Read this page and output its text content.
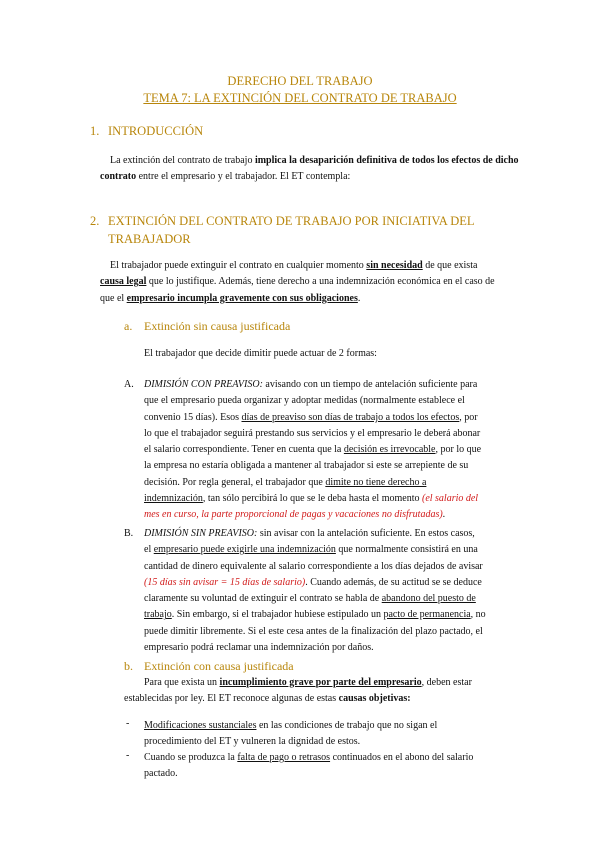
DERECHO DEL TRABAJO
TEMA 7: LA EXTINCIÓN DEL CONTRATO DE TRABAJO
1. INTRODUCCIÓN
La extinción del contrato de trabajo implica la desaparición definitiva de todos los efectos de dicho contrato entre el empresario y el trabajador. El ET contempla:
2. EXTINCIÓN DEL CONTRATO DE TRABAJO POR INICIATIVA DEL
TRABAJADOR
El trabajador puede extinguir el contrato en cualquier momento sin necesidad de que exista
causa legal que lo justifique. Además, tiene derecho a una indemnización económica en el caso de
que el empresario incumpla gravemente con sus obligaciones.
a. Extinción sin causa justificada
El trabajador que decide dimitir puede actuar de 2 formas:
A. DIMISIÓN CON PREAVISO: avisando con un tiempo de antelación suficiente para
que el empresario pueda organizar y adoptar medidas (normalmente establece el
convenio 15 días). Esos días de preaviso son días de trabajo a todos los efectos, por
lo que el trabajador seguirá prestando sus servicios y el empresario le deberá abonar
el salario correspondiente. Tener en cuenta que la decisión es irrevocable, por lo que
la empresa no estaría obligada a mantener al trabajador si este se arrepiente de su
decisión. Por regla general, el trabajador que dimite no tiene derecho a
indemnización, tan sólo percibirá lo que se le deba hasta el momento (el salario del
mes en curso, la parte proporcional de pagas y vacaciones no disfrutadas).
B. DIMISIÓN SIN PREAVISO: sin avisar con la antelación suficiente. En estos casos,
el empresario puede exigirle una indemnización que normalmente consistirá en una
cantidad de dinero equivalente al salario correspondiente a los días dejados de avisar
(15 días sin avisar = 15 días de salario). Cuando además, de su actitud se se deduce
claramente su voluntad de extinguir el contrato se habla de abandono del puesto de
trabajo. Sin embargo, si el trabajador hubiese estipulado un pacto de permanencia, no
puede dimitir libremente. Si el este cesa antes de la finalización del plazo pactado, el
empresario podrá reclamar una indemnización por daños.
b. Extinción con causa justificada
Para que exista un incumplimiento grave por parte del empresario, deben estar
establecidas por ley. El ET reconoce algunas de estas causas objetivas:
- Modificaciones sustanciales en las condiciones de trabajo que no sigan el
procedimiento del ET y vulneren la dignidad de estos.
- Cuando se produzca la falta de pago o retrasos continuados en el abono del salario
pactado.
